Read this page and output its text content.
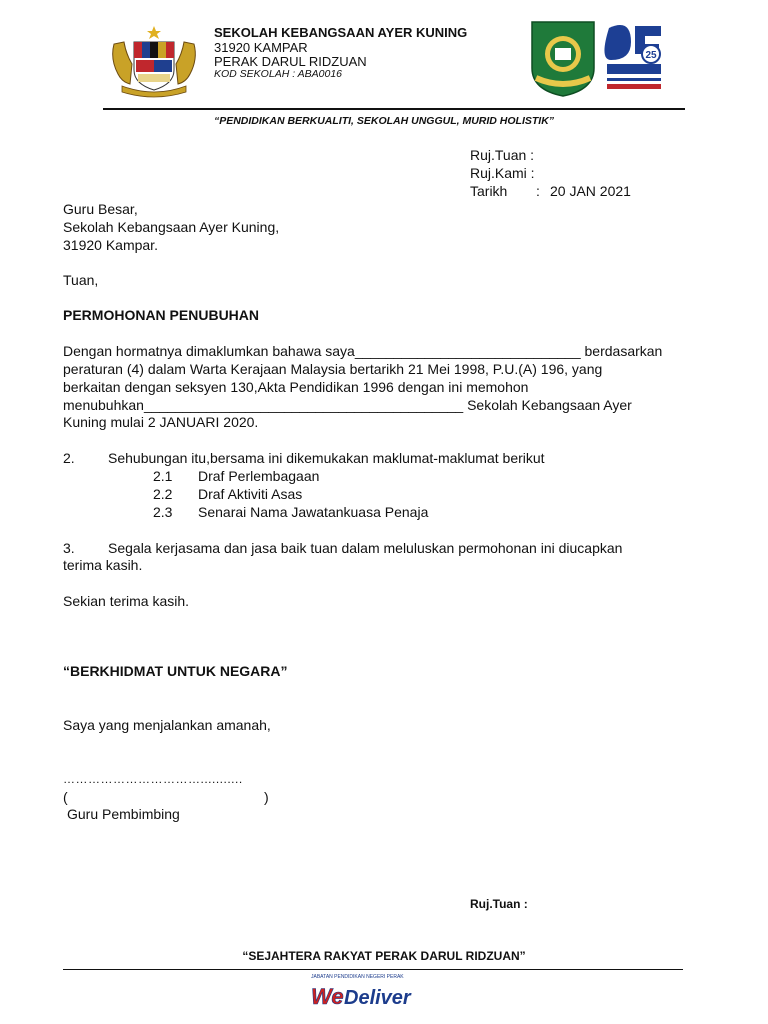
SEKOLAH KEBANGSAAN AYER KUNING
31920 KAMPAR
PERAK DARUL RIDZUAN
KOD SEKOLAH : ABA0016
25
“PENDIDIKAN BERKUALITI, SEKOLAH UNGGUL, MURID HOLISTIK”
Ruj.Tuan :
Ruj.Kami :
Tarikh : 20 JAN 2021
Guru Besar,
Sekolah Kebangsaan Ayer Kuning,
31920 Kampar.
Tuan,
PERMOHONAN PENUBUHAN
Dengan hormatnya dimaklumkan bahawa saya_____________________________ berdasarkan
peraturan (4) dalam Warta Kerajaan Malaysia bertarikh 21 Mei 1998, P.U.(A) 196, yang
berkaitan dengan seksyen 130,Akta Pendidikan 1996 dengan ini memohon
menubuhkan_________________________________________ Sekolah Kebangsaan Ayer
Kuning mulai 2 JANUARI 2020.
2. Sehubungan itu,bersama ini dikemukakan maklumat-maklumat berikut
2.1 Draf Perlembagaan
2.2 Draf Aktiviti Asas
2.3 Senarai Nama Jawatankuasa Penaja
3. Segala kerjasama dan jasa baik tuan dalam meluluskan permohonan ini diucapkan
terima kasih.
Sekian terima kasih.
“BERKHIDMAT UNTUK NEGARA”
Saya yang menjalankan amanah,
……………………………...........
(	)
Guru Pembimbing
Ruj.Tuan :
“SEJAHTERA RAKYAT PERAK DARUL RIDZUAN”
JABATAN PENDIDIKAN NEGERI PERAK
We Deliver
